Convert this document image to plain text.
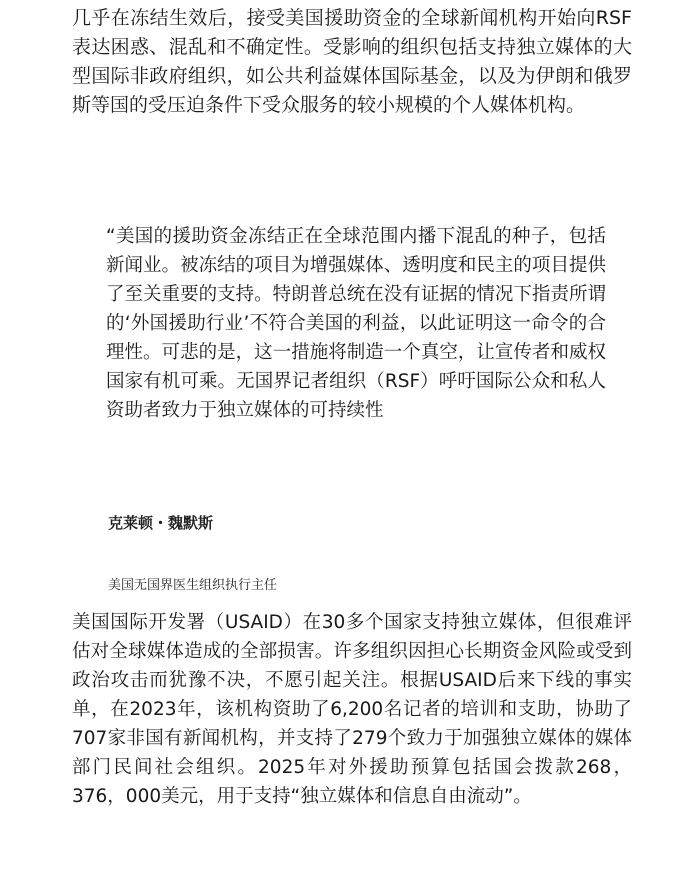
几乎在冻结生效后，接受美国援助资金的全球新闻机构开始向RSF表达困惑、混乱和不确定性。受影响的组织包括支持独立媒体的大型国际非政府组织，如公共利益媒体国际基金，以及为伊朗和俄罗斯等国的受压迫条件下受众服务的较小规模的个人媒体机构。

“美国的援助资金冻结正在全球范围内播下混乱的种子，包括新闻业。被冻结的项目为增强媒体、透明度和民主的项目提供了至关重要的支持。特朗普总统在没有证据的情况下指责所谓的‘外国援助行业’不符合美国的利益，以此证明这一命令的合理性。可悲的是，这一措施将制造一个真空，让宣传者和威权国家有机可乘。无国界记者组织（RSF）呼吁国际公众和私人资助者致力于独立媒体的可持续性

克莱顿・魏默斯

美国无国界医生组织执行主任

美国国际开发署（USAID）在30多个国家支持独立媒体，但很难评估对全球媒体造成的全部损害。许多组织因担心长期资金风险或受到政治攻击而犹豫不决，不愿引起关注。根据USAID后来下线的事实单，在2023年，该机构资助了6,200名记者的培训和支助，协助了707家非国有新闻机构，并支持了279个致力于加强独立媒体的媒体部门民间社会组织。2025年对外援助预算包括国会拨款268，376，000美元，用于支持“独立媒体和信息自由流动”。
